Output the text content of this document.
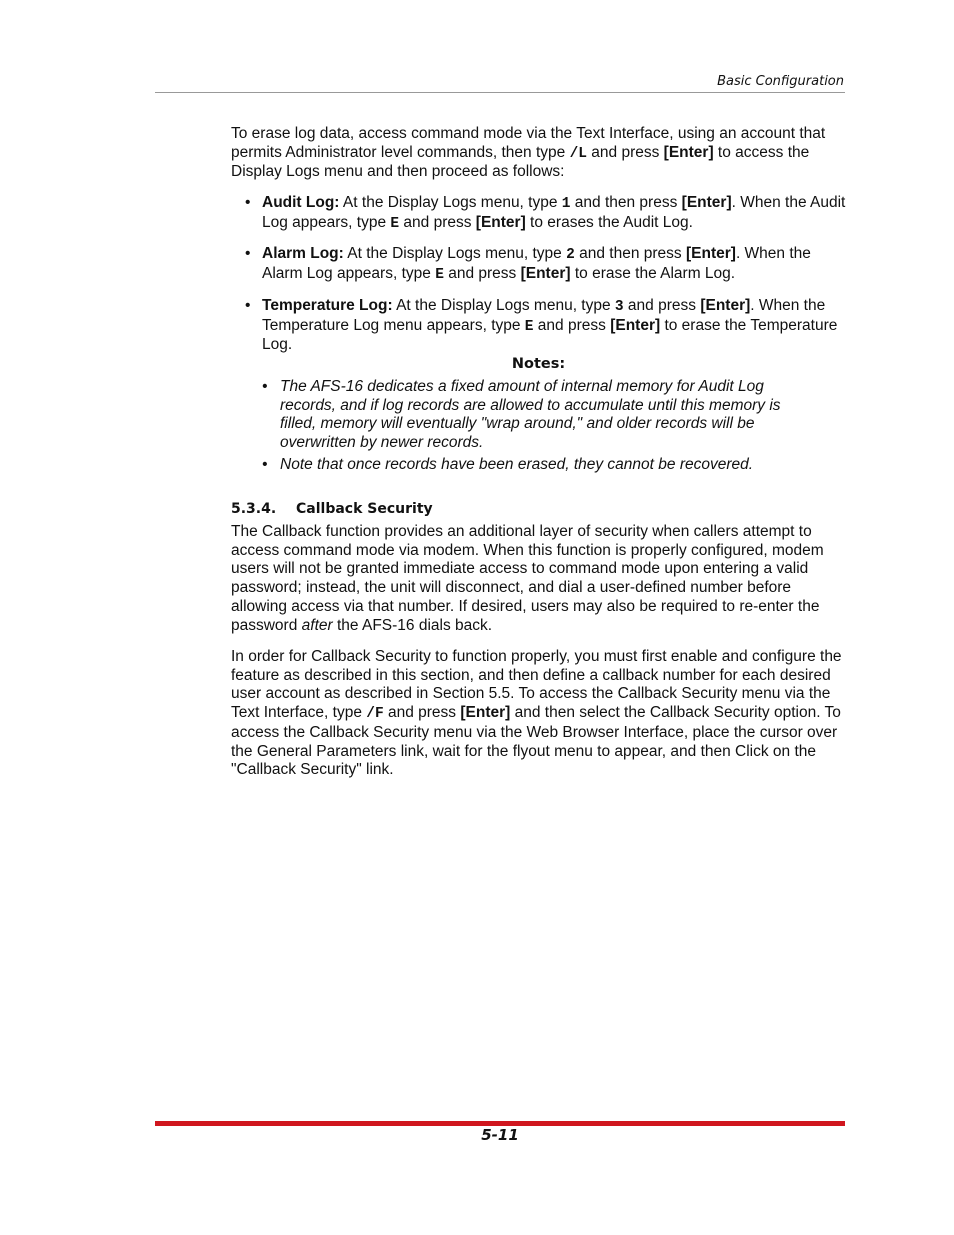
Basic Configuration

To erase log data, access command mode via the Text Interface, using an account that permits Administrator level commands, then type /L and press [Enter] to access the Display Logs menu and then proceed as follows:

• Audit Log: At the Display Logs menu, type 1 and then press [Enter]. When the Audit Log appears, type E and press [Enter] to erases the Audit Log.
• Alarm Log: At the Display Logs menu, type 2 and then press [Enter]. When the Alarm Log appears, type E and press [Enter] to erase the Alarm Log.
• Temperature Log: At the Display Logs menu, type 3 and press [Enter]. When the Temperature Log menu appears, type E and press [Enter] to erase the Temperature Log.
Notes:
• The AFS-16 dedicates a fixed amount of internal memory for Audit Log records, and if log records are allowed to accumulate until this memory is filled, memory will eventually "wrap around," and older records will be overwritten by newer records.
• Note that once records have been erased, they cannot be recovered.
5.3.4. Callback Security

The Callback function provides an additional layer of security when callers attempt to access command mode via modem. When this function is properly configured, modem users will not be granted immediate access to command mode upon entering a valid password; instead, the unit will disconnect, and dial a user-defined number before allowing access via that number. If desired, users may also be required to re-enter the password after the AFS-16 dials back.

In order for Callback Security to function properly, you must first enable and configure the feature as described in this section, and then define a callback number for each desired user account as described in Section 5.5. To access the Callback Security menu via the Text Interface, type /F and press [Enter] and then select the Callback Security option. To access the Callback Security menu via the Web Browser Interface, place the cursor over the General Parameters link, wait for the flyout menu to appear, and then Click on the "Callback Security" link.

5-11
